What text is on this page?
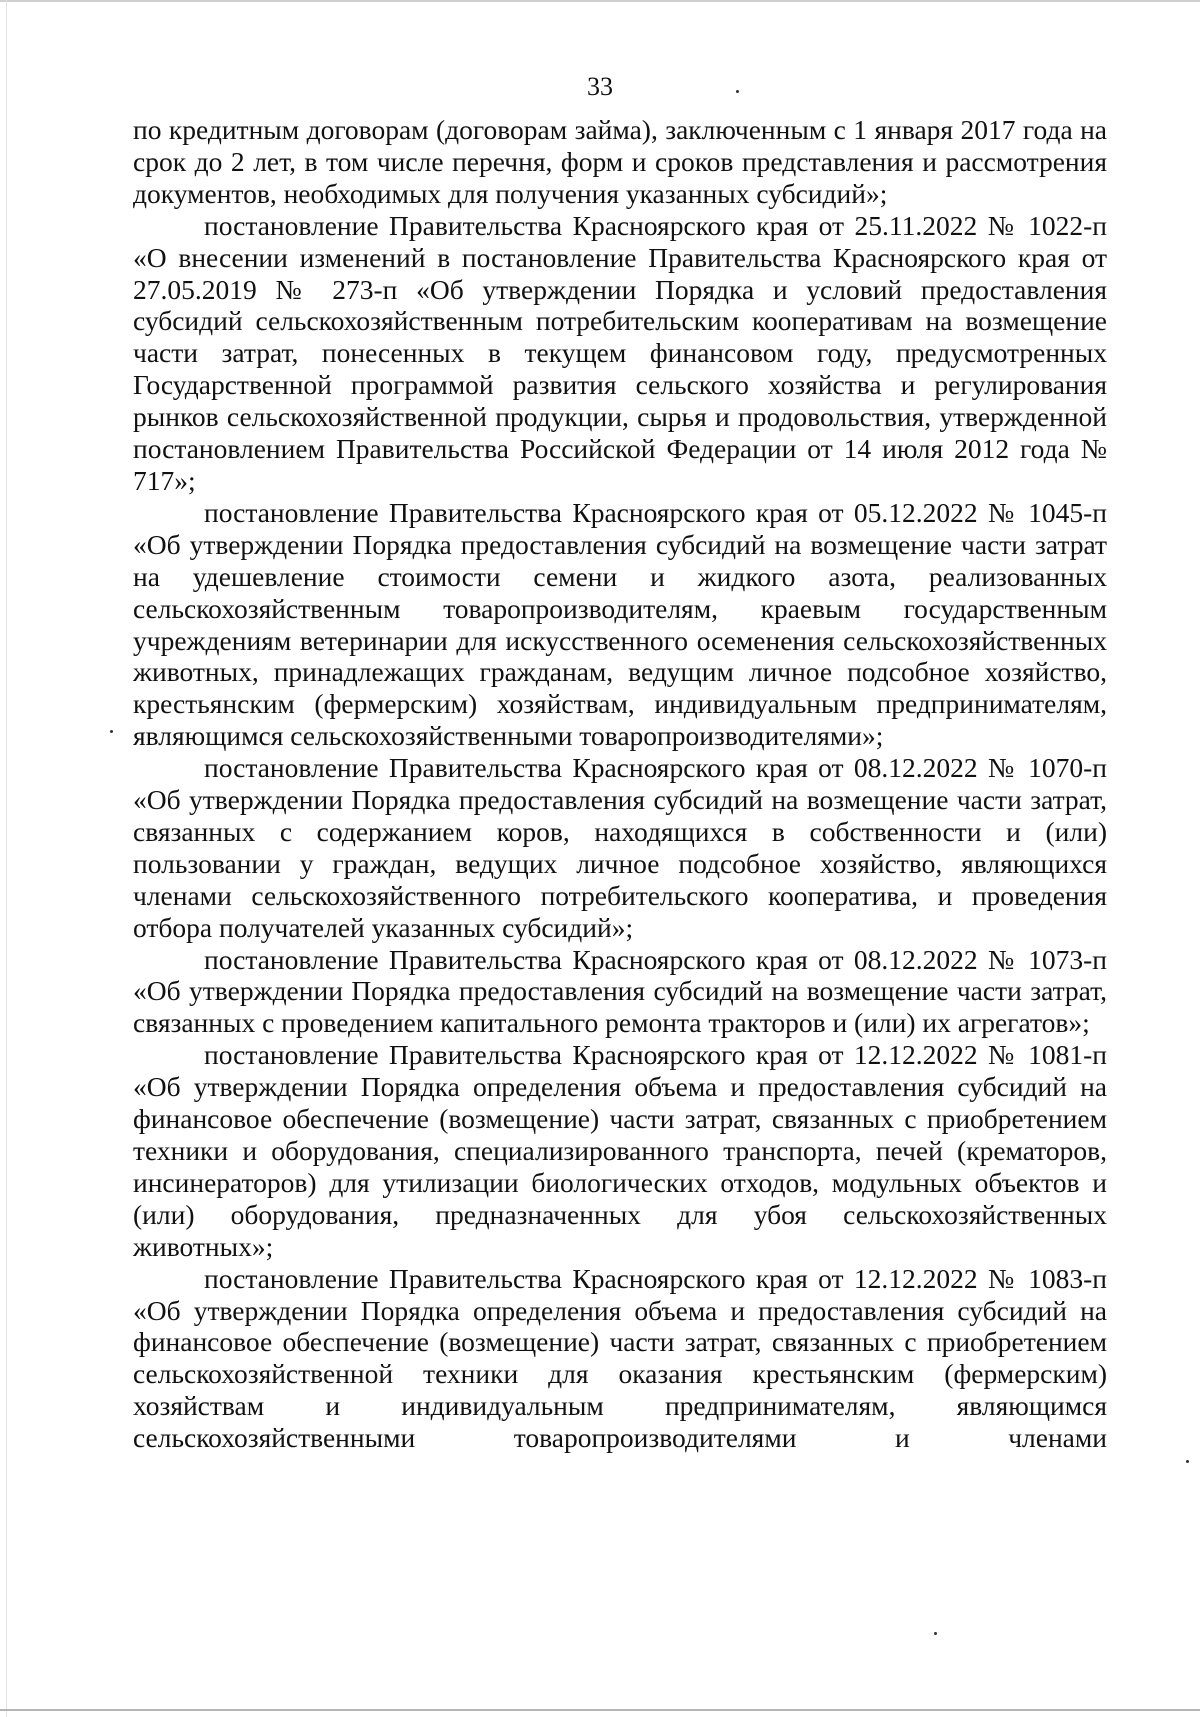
33

по кредитным договорам (договорам займа), заключенным с 1 января 2017 года на срок до 2 лет, в том числе перечня, форм и сроков представления и рассмотрения документов, необходимых для получения указанных субсидий»;

постановление Правительства Красноярского края от 25.11.2022 № 1022-п «О внесении изменений в постановление Правительства Красноярского края от 27.05.2019 № 273-п «Об утверждении Порядка и условий предоставления субсидий сельскохозяйственным потребительским кооперативам на возмещение части затрат, понесенных в текущем финансовом году, предусмотренных Государственной программой развития сельского хозяйства и регулирования рынков сельскохозяйственной продукции, сырья и продовольствия, утвержденной постановлением Правительства Российской Федерации от 14 июля 2012 года № 717»;

постановление Правительства Красноярского края от 05.12.2022 № 1045-п «Об утверждении Порядка предоставления субсидий на возмещение части затрат на удешевление стоимости семени и жидкого азота, реализованных сельскохозяйственным товаропроизводителям, краевым государственным учреждениям ветеринарии для искусственного осеменения сельскохозяйственных животных, принадлежащих гражданам, ведущим личное подсобное хозяйство, крестьянским (фермерским) хозяйствам, индивидуальным предпринимателям, являющимся сельскохозяйственными товаропроизводителями»;

постановление Правительства Красноярского края от 08.12.2022 № 1070-п «Об утверждении Порядка предоставления субсидий на возмещение части затрат, связанных с содержанием коров, находящихся в собственности и (или) пользовании у граждан, ведущих личное подсобное хозяйство, являющихся членами сельскохозяйственного потребительского кооператива, и проведения отбора получателей указанных субсидий»;

постановление Правительства Красноярского края от 08.12.2022 № 1073-п «Об утверждении Порядка предоставления субсидий на возмещение части затрат, связанных с проведением капитального ремонта тракторов и (или) их агрегатов»;

постановление Правительства Красноярского края от 12.12.2022 № 1081-п «Об утверждении Порядка определения объема и предоставления субсидий на финансовое обеспечение (возмещение) части затрат, связанных с приобретением техники и оборудования, специализированного транспорта, печей (крематоров, инсинераторов) для утилизации биологических отходов, модульных объектов и (или) оборудования, предназначенных для убоя сельскохозяйственных животных»;

постановление Правительства Красноярского края от 12.12.2022 № 1083-п «Об утверждении Порядка определения объема и предоставления субсидий на финансовое обеспечение (возмещение) части затрат, связанных с приобретением сельскохозяйственной техники для оказания крестьянским (фермерским) хозяйствам и индивидуальным предпринимателям, являющимся сельскохозяйственными товаропроизводителями и членами
